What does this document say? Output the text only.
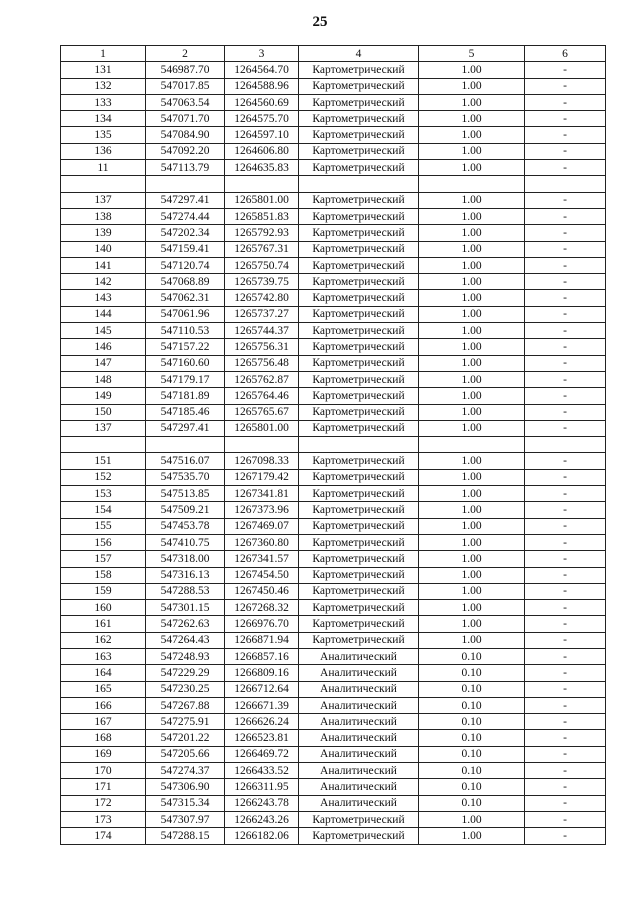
25
1	2	3	4	5	6
131	546987.70	1264564.70	Картометрический	1.00	-
132	547017.85	1264588.96	Картометрический	1.00	-
133	547063.54	1264560.69	Картометрический	1.00	-
134	547071.70	1264575.70	Картометрический	1.00	-
135	547084.90	1264597.10	Картометрический	1.00	-
136	547092.20	1264606.80	Картометрический	1.00	-
11	547113.79	1264635.83	Картометрический	1.00	-

137	547297.41	1265801.00	Картометрический	1.00	-
138	547274.44	1265851.83	Картометрический	1.00	-
139	547202.34	1265792.93	Картометрический	1.00	-
140	547159.41	1265767.31	Картометрический	1.00	-
141	547120.74	1265750.74	Картометрический	1.00	-
142	547068.89	1265739.75	Картометрический	1.00	-
143	547062.31	1265742.80	Картометрический	1.00	-
144	547061.96	1265737.27	Картометрический	1.00	-
145	547110.53	1265744.37	Картометрический	1.00	-
146	547157.22	1265756.31	Картометрический	1.00	-
147	547160.60	1265756.48	Картометрический	1.00	-
148	547179.17	1265762.87	Картометрический	1.00	-
149	547181.89	1265764.46	Картометрический	1.00	-
150	547185.46	1265765.67	Картометрический	1.00	-
137	547297.41	1265801.00	Картометрический	1.00	-

151	547516.07	1267098.33	Картометрический	1.00	-
152	547535.70	1267179.42	Картометрический	1.00	-
153	547513.85	1267341.81	Картометрический	1.00	-
154	547509.21	1267373.96	Картометрический	1.00	-
155	547453.78	1267469.07	Картометрический	1.00	-
156	547410.75	1267360.80	Картометрический	1.00	-
157	547318.00	1267341.57	Картометрический	1.00	-
158	547316.13	1267454.50	Картометрический	1.00	-
159	547288.53	1267450.46	Картометрический	1.00	-
160	547301.15	1267268.32	Картометрический	1.00	-
161	547262.63	1266976.70	Картометрический	1.00	-
162	547264.43	1266871.94	Картометрический	1.00	-
163	547248.93	1266857.16	Аналитический	0.10	-
164	547229.29	1266809.16	Аналитический	0.10	-
165	547230.25	1266712.64	Аналитический	0.10	-
166	547267.88	1266671.39	Аналитический	0.10	-
167	547275.91	1266626.24	Аналитический	0.10	-
168	547201.22	1266523.81	Аналитический	0.10	-
169	547205.66	1266469.72	Аналитический	0.10	-
170	547274.37	1266433.52	Аналитический	0.10	-
171	547306.90	1266311.95	Аналитический	0.10	-
172	547315.34	1266243.78	Аналитический	0.10	-
173	547307.97	1266243.26	Картометрический	1.00	-
174	547288.15	1266182.06	Картометрический	1.00	-
